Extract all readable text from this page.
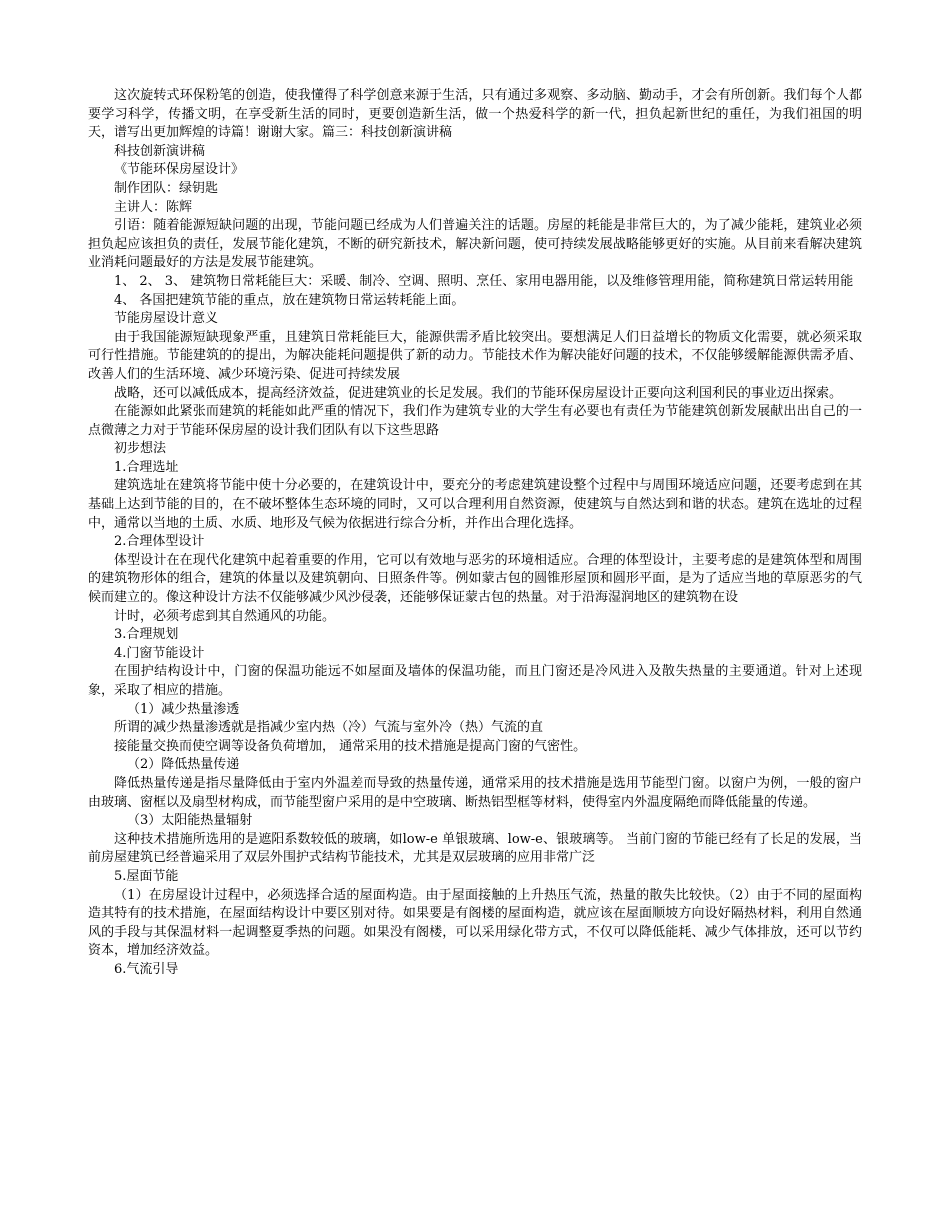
这次旋转式环保粉笔的创造，使我懂得了科学创意来源于生活，只有通过多观察、多动脑、勤动手，才会有所创新。我们每个人都要学习科学，传播文明，在享受新生活的同时，更要创造新生活，做一个热爱科学的新一代，担负起新世纪的重任，为我们祖国的明天，谱写出更加辉煌的诗篇！谢谢大家。篇三：科技创新演讲稿

科技创新演讲稿

《节能环保房屋设计》

制作团队：绿钥匙

主讲人：陈辉

引语：随着能源短缺问题的出现，节能问题已经成为人们普遍关注的话题。房屋的耗能是非常巨大的，为了减少能耗，建筑业必须担负起应该担负的责任，发展节能化建筑，不断的研究新技术，解决新问题，使可持续发展战略能够更好的实施。从目前来看解决建筑业消耗问题最好的方法是发展节能建筑。

1、 2、 3、 建筑物日常耗能巨大：采暖、制冷、空调、照明、烹任、家用电器用能，以及维修管理用能，简称建筑日常运转用能

4、 各国把建筑节能的重点，放在建筑物日常运转耗能上面。

节能房屋设计意义

由于我国能源短缺现象严重，且建筑日常耗能巨大，能源供需矛盾比较突出。要想满足人们日益增长的物质文化需要，就必须采取可行性措施。节能建筑的的提出，为解决能耗问题提供了新的动力。节能技术作为解决能好问题的技术，不仅能够缓解能源供需矛盾、改善人们的生活环境、减少环境污染、促进可持续发展

战略，还可以减低成本，提高经济效益，促进建筑业的长足发展。我们的节能环保房屋设计正要向这利国利民的事业迈出探索。

在能源如此紧张而建筑的耗能如此严重的情况下，我们作为建筑专业的大学生有必要也有责任为节能建筑创新发展献出出自己的一点微薄之力对于节能环保房屋的设计我们团队有以下这些思路

初步想法

1.合理选址

建筑选址在建筑将节能中使十分必要的，在建筑设计中，要充分的考虑建筑建设整个过程中与周围环境适应问题，还要考虑到在其基础上达到节能的目的，在不破坏整体生态环境的同时，又可以合理利用自然资源，使建筑与自然达到和谐的状态。建筑在选址的过程中，通常以当地的土质、水质、地形及气候为依据进行综合分析，并作出合理化选择。

2.合理体型设计

体型设计在在现代化建筑中起着重要的作用，它可以有效地与恶劣的环境相适应。合理的体型设计，主要考虑的是建筑体型和周围的建筑物形体的组合，建筑的体量以及建筑朝向、日照条件等。例如蒙古包的圆锥形屋顶和圆形平面，是为了适应当地的草原恶劣的气候而建立的。像这种设计方法不仅能够减少风沙侵袭，还能够保证蒙古包的热量。对于沿海湿润地区的建筑物在设

计时，必须考虑到其自然通风的功能。

3.合理规划

4.门窗节能设计

在围护结构设计中，门窗的保温功能远不如屋面及墙体的保温功能，而且门窗还是冷风进入及散失热量的主要通道。针对上述现象，采取了相应的措施。

（1）减少热量渗透

所谓的减少热量渗透就是指减少室内热（冷）气流与室外冷（热）气流的直

接能量交换而使空调等设备负荷增加， 通常采用的技术措施是提高门窗的气密性。

（2）降低热量传递

降低热量传递是指尽量降低由于室内外温差而导致的热量传递，通常采用的技术措施是选用节能型门窗。以窗户为例，一般的窗户由玻璃、窗框以及扇型材构成，而节能型窗户采用的是中空玻璃、断热铝型框等材料，使得室内外温度隔绝而降低能量的传递。

（3）太阳能热量辐射

这种技术措施所选用的是遮阳系数较低的玻璃，如low-e 单银玻璃、low-e、银玻璃等。 当前门窗的节能已经有了长足的发展，当前房屋建筑已经普遍采用了双层外围护式结构节能技术，尤其是双层玻璃的应用非常广泛

5.屋面节能

（1）在房屋设计过程中，必须选择合适的屋面构造。由于屋面接触的上升热压气流，热量的散失比较快。（2）由于不同的屋面构造其特有的技术措施，在屋面结构设计中要区别对待。如果要是有阁楼的屋面构造，就应该在屋面顺坡方向设好隔热材料，利用自然通风的手段与其保温材料一起调整夏季热的问题。如果没有阁楼，可以采用绿化带方式，不仅可以降低能耗、减少气体排放，还可以节约资本，增加经济效益。

6.气流引导
